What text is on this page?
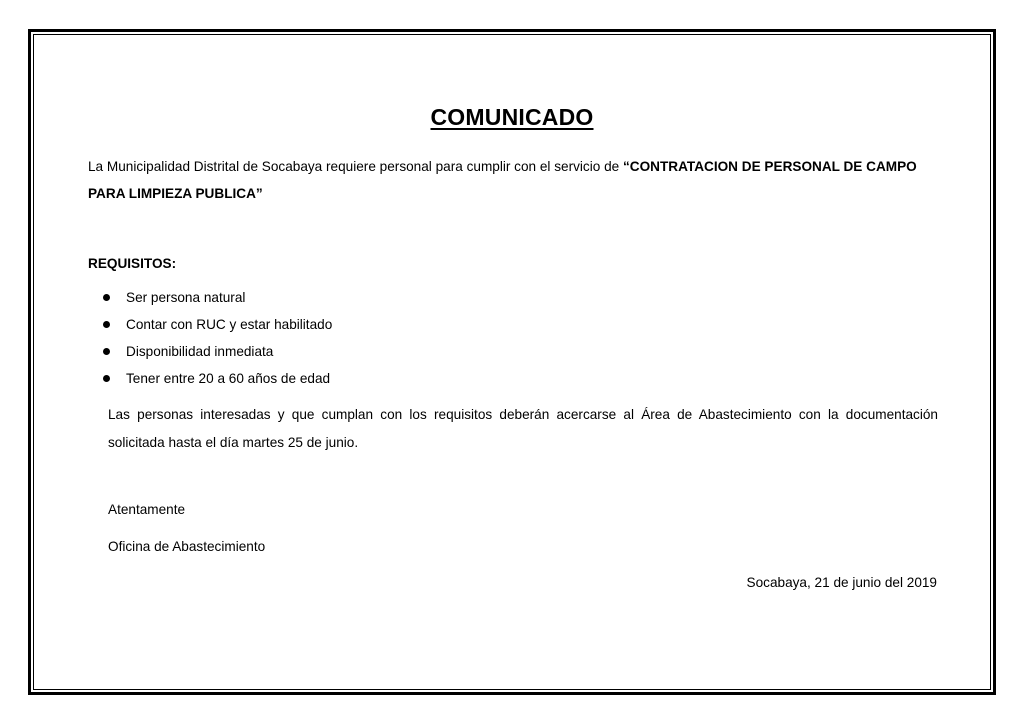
COMUNICADO
La Municipalidad Distrital de Socabaya requiere personal para cumplir con el servicio de “CONTRATACION DE PERSONAL DE CAMPO PARA LIMPIEZA PUBLICA”
REQUISITOS:
Ser persona natural
Contar con RUC y estar habilitado
Disponibilidad inmediata
Tener entre 20 a 60 años de edad
Las personas interesadas y que cumplan con los requisitos deberán acercarse al Área de Abastecimiento con la documentación solicitada hasta el día martes 25 de junio.
Atentamente
Oficina de Abastecimiento
Socabaya, 21 de junio del 2019
